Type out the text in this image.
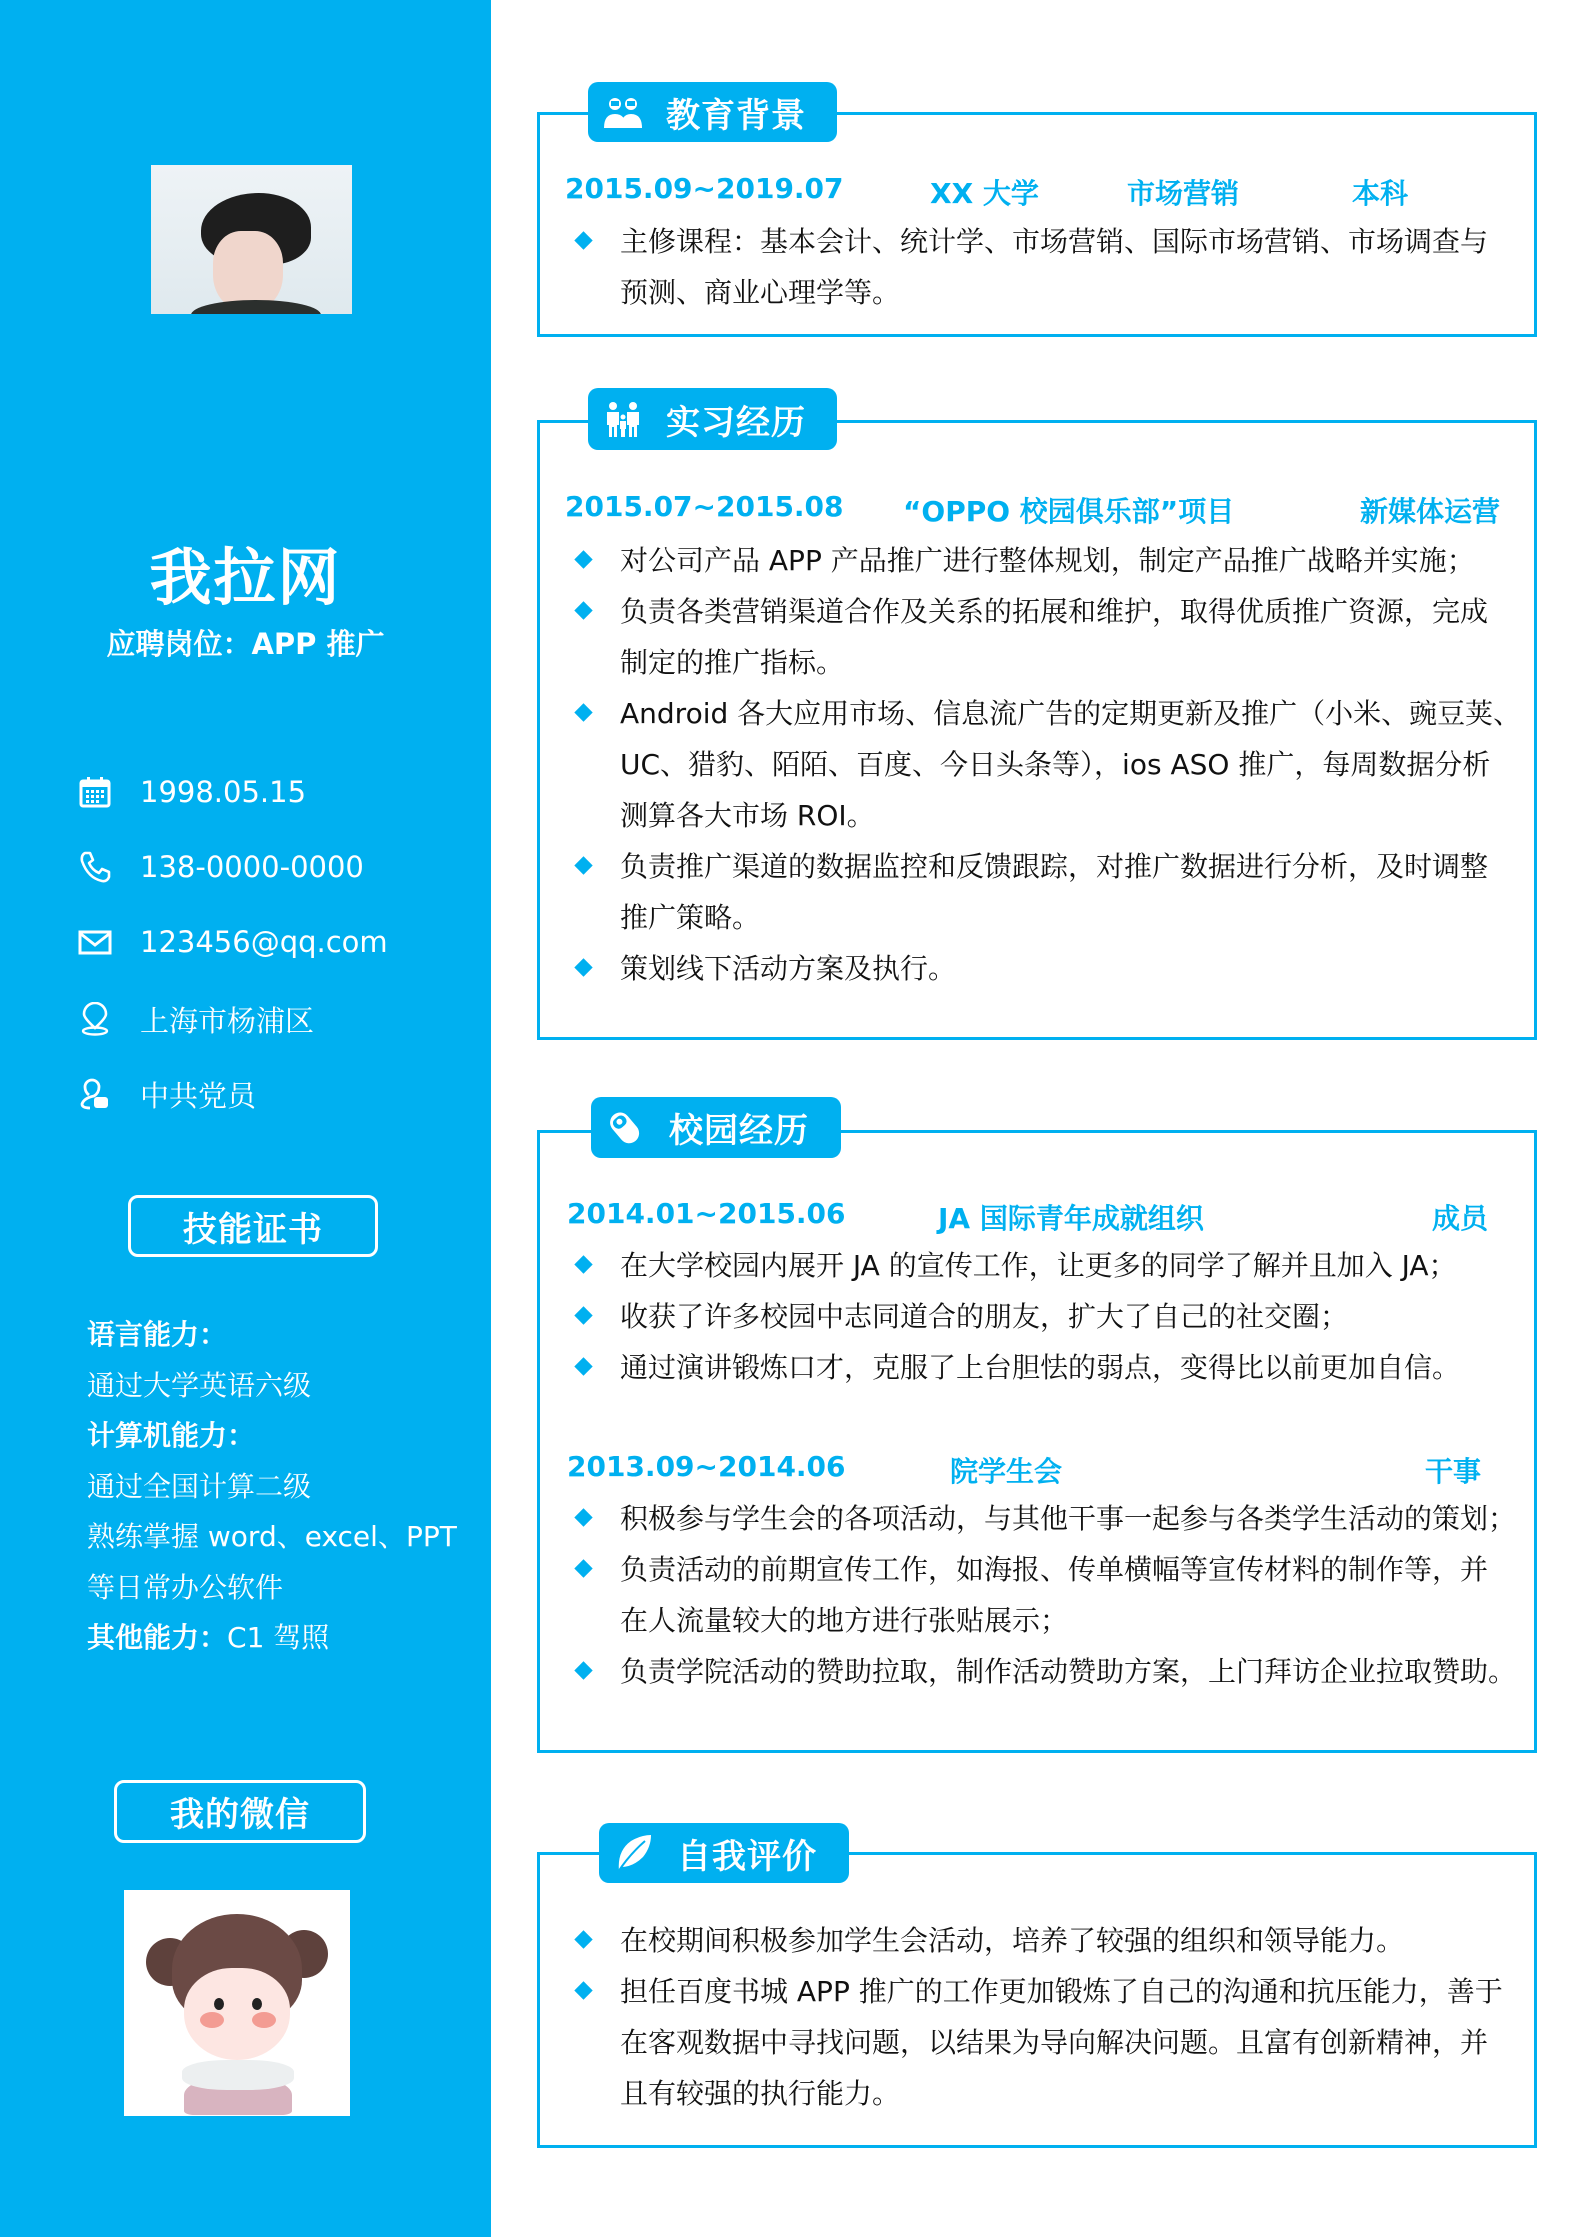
我拉网
应聘岗位：APP 推广
1998.05.15
138-0000-0000
123456@qq.com
上海市杨浦区
中共党员
技能证书
语言能力：
通过大学英语六级
计算机能力：
通过全国计算二级
熟练掌握 word、excel、PPT
等日常办公软件
其他能力：C1 驾照
我的微信
教育背景
2015.09~2019.07	XX 大学	市场营销	本科
主修课程：基本会计、统计学、市场营销、国际市场营销、市场调查与
预测、商业心理学等。
实习经历
2015.07~2015.08 “OPPO 校园俱乐部”项目	新媒体运营
对公司产品 APP 产品推广进行整体规划，制定产品推广战略并实施；
负责各类营销渠道合作及关系的拓展和维护，取得优质推广资源，完成
制定的推广指标。
Android 各大应用市场、信息流广告的定期更新及推广（小米、豌豆荚、
UC、猎豹、陌陌、百度、今日头条等），ios ASO 推广，每周数据分析
测算各大市场 ROI。
负责推广渠道的数据监控和反馈跟踪，对推广数据进行分析，及时调整
推广策略。
策划线下活动方案及执行。
校园经历
2014.01~2015.06	JA 国际青年成就组织	成员
在大学校园内展开 JA 的宣传工作，让更多的同学了解并且加入 JA；
收获了许多校园中志同道合的朋友，扩大了自己的社交圈；
通过演讲锻炼口才，克服了上台胆怯的弱点，变得比以前更加自信。
2013.09~2014.06	院学生会	干事
积极参与学生会的各项活动，与其他干事一起参与各类学生活动的策划；
负责活动的前期宣传工作，如海报、传单横幅等宣传材料的制作等，并
在人流量较大的地方进行张贴展示；
负责学院活动的赞助拉取，制作活动赞助方案，上门拜访企业拉取赞助。
自我评价
在校期间积极参加学生会活动，培养了较强的组织和领导能力。
担任百度书城 APP 推广的工作更加锻炼了自己的沟通和抗压能力，善于
在客观数据中寻找问题，以结果为导向解决问题。且富有创新精神，并
且有较强的执行能力。
